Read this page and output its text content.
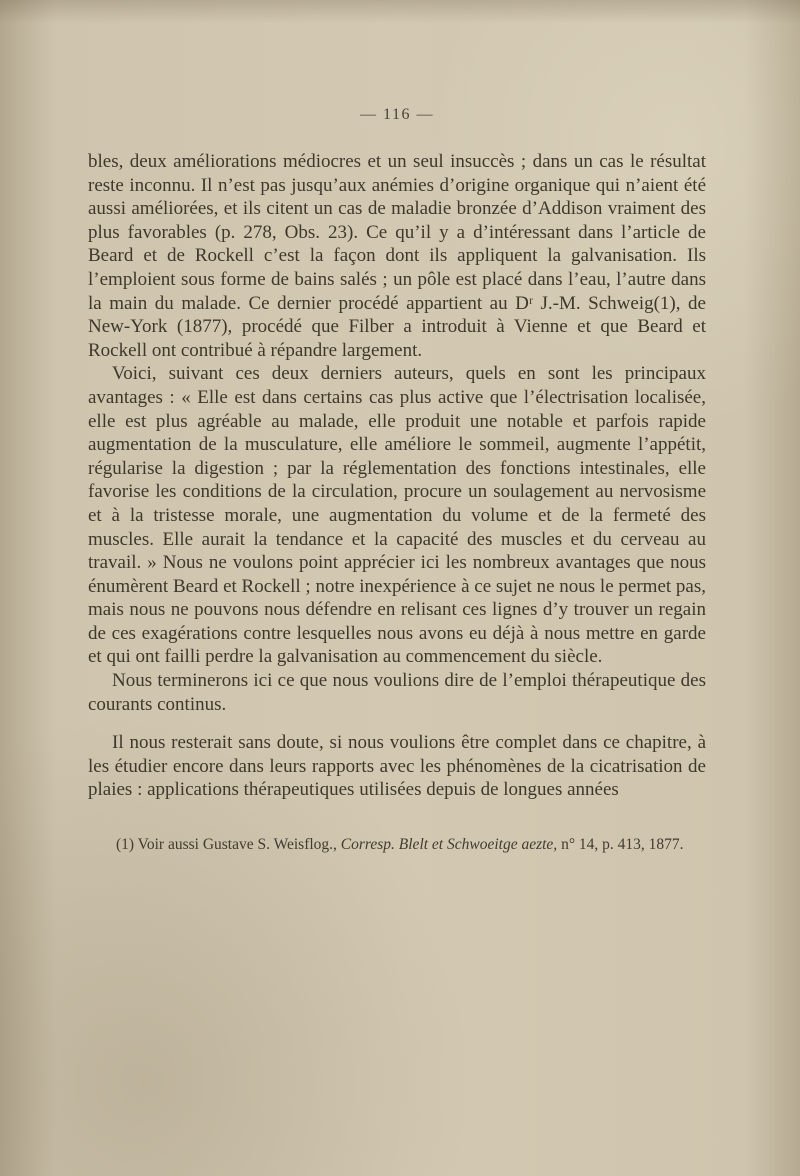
— 116 —

bles, deux améliorations médiocres et un seul insuccès ; dans un cas le résultat reste inconnu. Il n’est pas jusqu’aux anémies d’origine organique qui n’aient été aussi améliorées, et ils citent un cas de maladie bronzée d’Addison vraiment des plus favorables (p. 278, Obs. 23). Ce qu’il y a d’intéressant dans l’article de Beard et de Rockell c’est la façon dont ils appliquent la galvanisation. Ils l’emploient sous forme de bains salés ; un pôle est placé dans l’eau, l’autre dans la main du malade. Ce dernier procédé appartient au Dʳ J.-M. Schweig(1), de New-York (1877), procédé que Filber a introduit à Vienne et que Beard et Rockell ont contribué à répandre largement.

Voici, suivant ces deux derniers auteurs, quels en sont les principaux avantages : « Elle est dans certains cas plus active que l’électrisation localisée, elle est plus agréable au malade, elle produit une notable et parfois rapide augmentation de la musculature, elle améliore le sommeil, augmente l’appétit, régularise la digestion ; par la réglementation des fonctions intestinales, elle favorise les conditions de la circulation, procure un soulagement au nervosisme et à la tristesse morale, une augmentation du volume et de la fermeté des muscles. Elle aurait la tendance et la capacité des muscles et du cerveau au travail. » Nous ne voulons point apprécier ici les nombreux avantages que nous énumèrent Beard et Rockell ; notre inexpérience à ce sujet ne nous le permet pas, mais nous ne pouvons nous défendre en relisant ces lignes d’y trouver un regain de ces exagérations contre lesquelles nous avons eu déjà à nous mettre en garde et qui ont failli perdre la galvanisation au commencement du siècle.

Nous terminerons ici ce que nous voulions dire de l’emploi thérapeutique des courants continus.

Il nous resterait sans doute, si nous voulions être complet dans ce chapitre, à les étudier encore dans leurs rapports avec les phénomènes de la cicatrisation de plaies : applications thérapeutiques utilisées depuis de longues années

(1) Voir aussi Gustave S. Weisflog., Corresp. Blelt et Schwoeitge aezte, n° 14, p. 413, 1877.
